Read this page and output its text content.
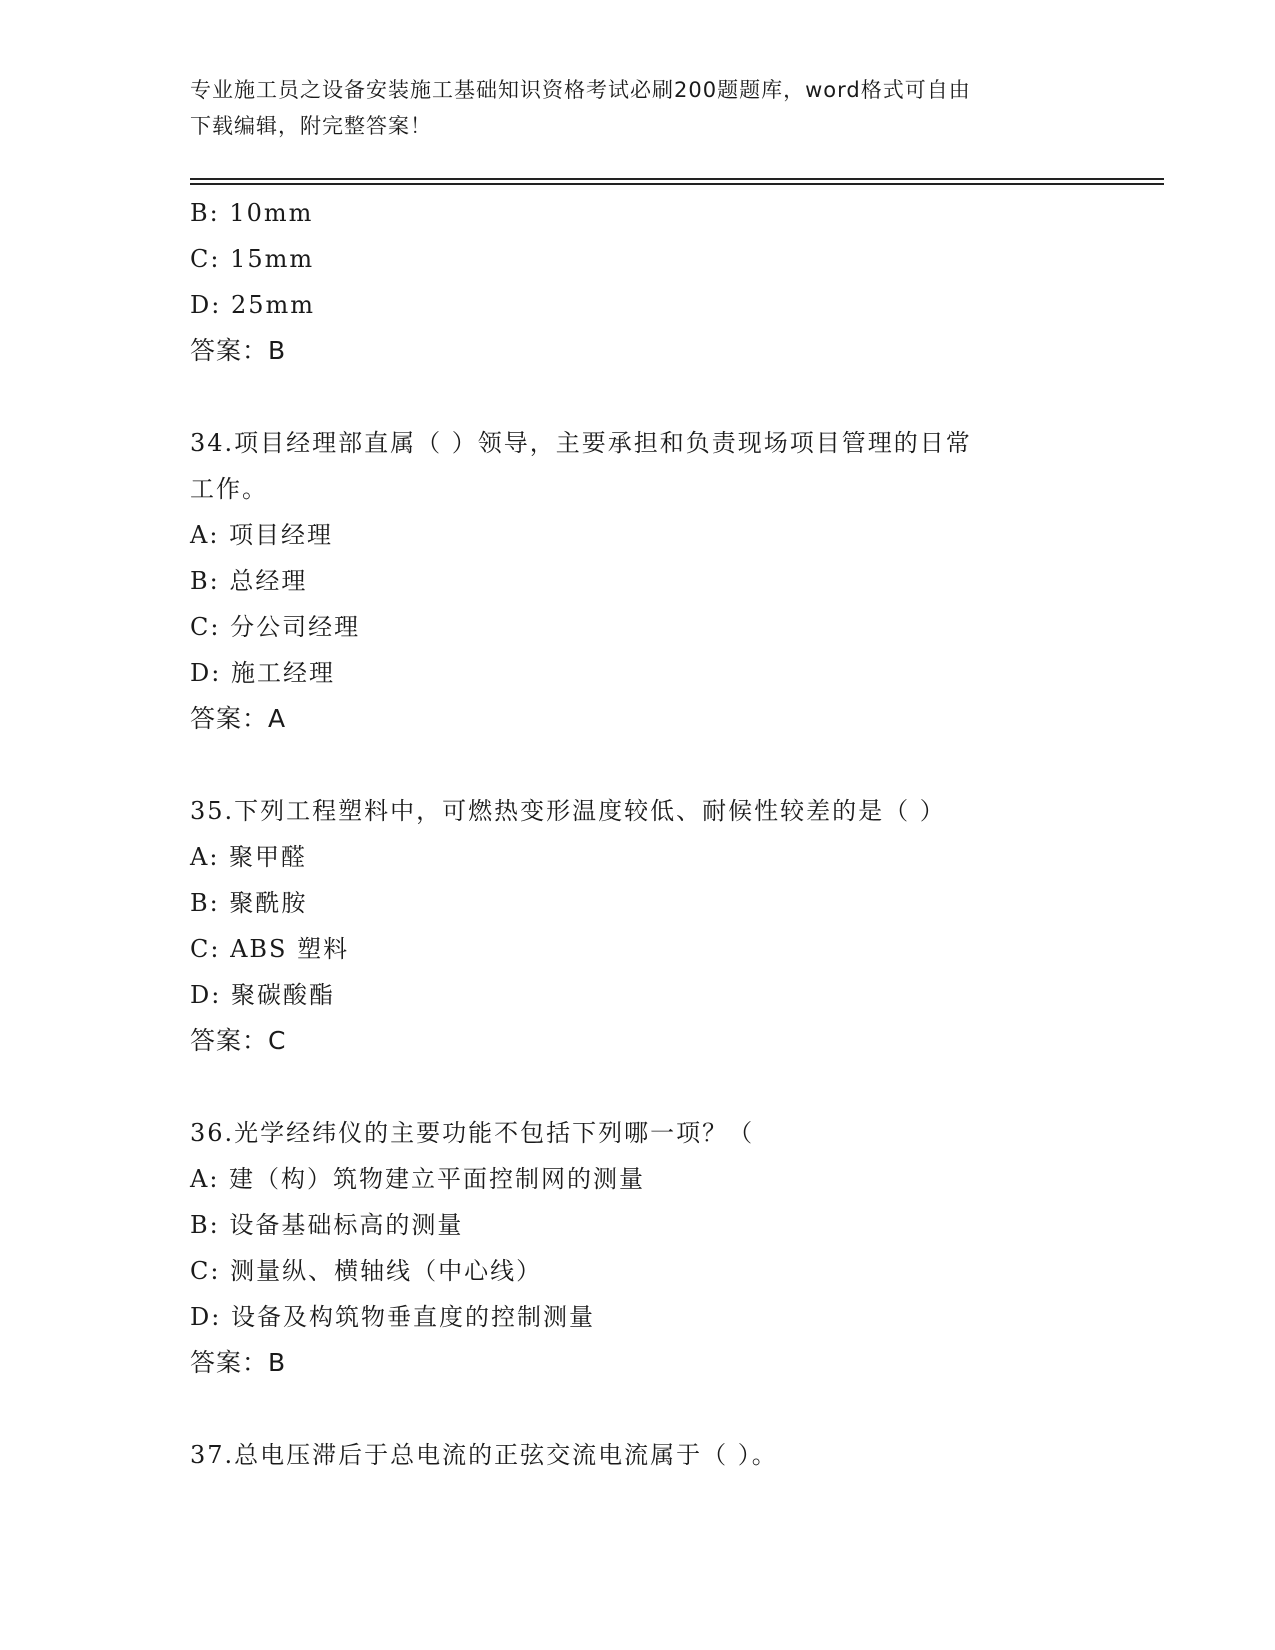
专业施工员之设备安装施工基础知识资格考试必刷200题题库，word格式可自由
下载编辑，附完整答案！
B: 10mm
C: 15mm
D: 25mm
答案：B
34.项目经理部直属（ ）领导，主要承担和负责现场项目管理的日常
工作。
A: 项目经理
B: 总经理
C: 分公司经理
D: 施工经理
答案：A
35.下列工程塑料中，可燃热变形温度较低、耐候性较差的是（ ）
A: 聚甲醛
B: 聚酰胺
C: ABS 塑料
D: 聚碳酸酯
答案：C
36.光学经纬仪的主要功能不包括下列哪一项？（
A: 建（构）筑物建立平面控制网的测量
B: 设备基础标高的测量
C: 测量纵、横轴线（中心线）
D: 设备及构筑物垂直度的控制测量
答案：B
37.总电压滞后于总电流的正弦交流电流属于（ ）。
